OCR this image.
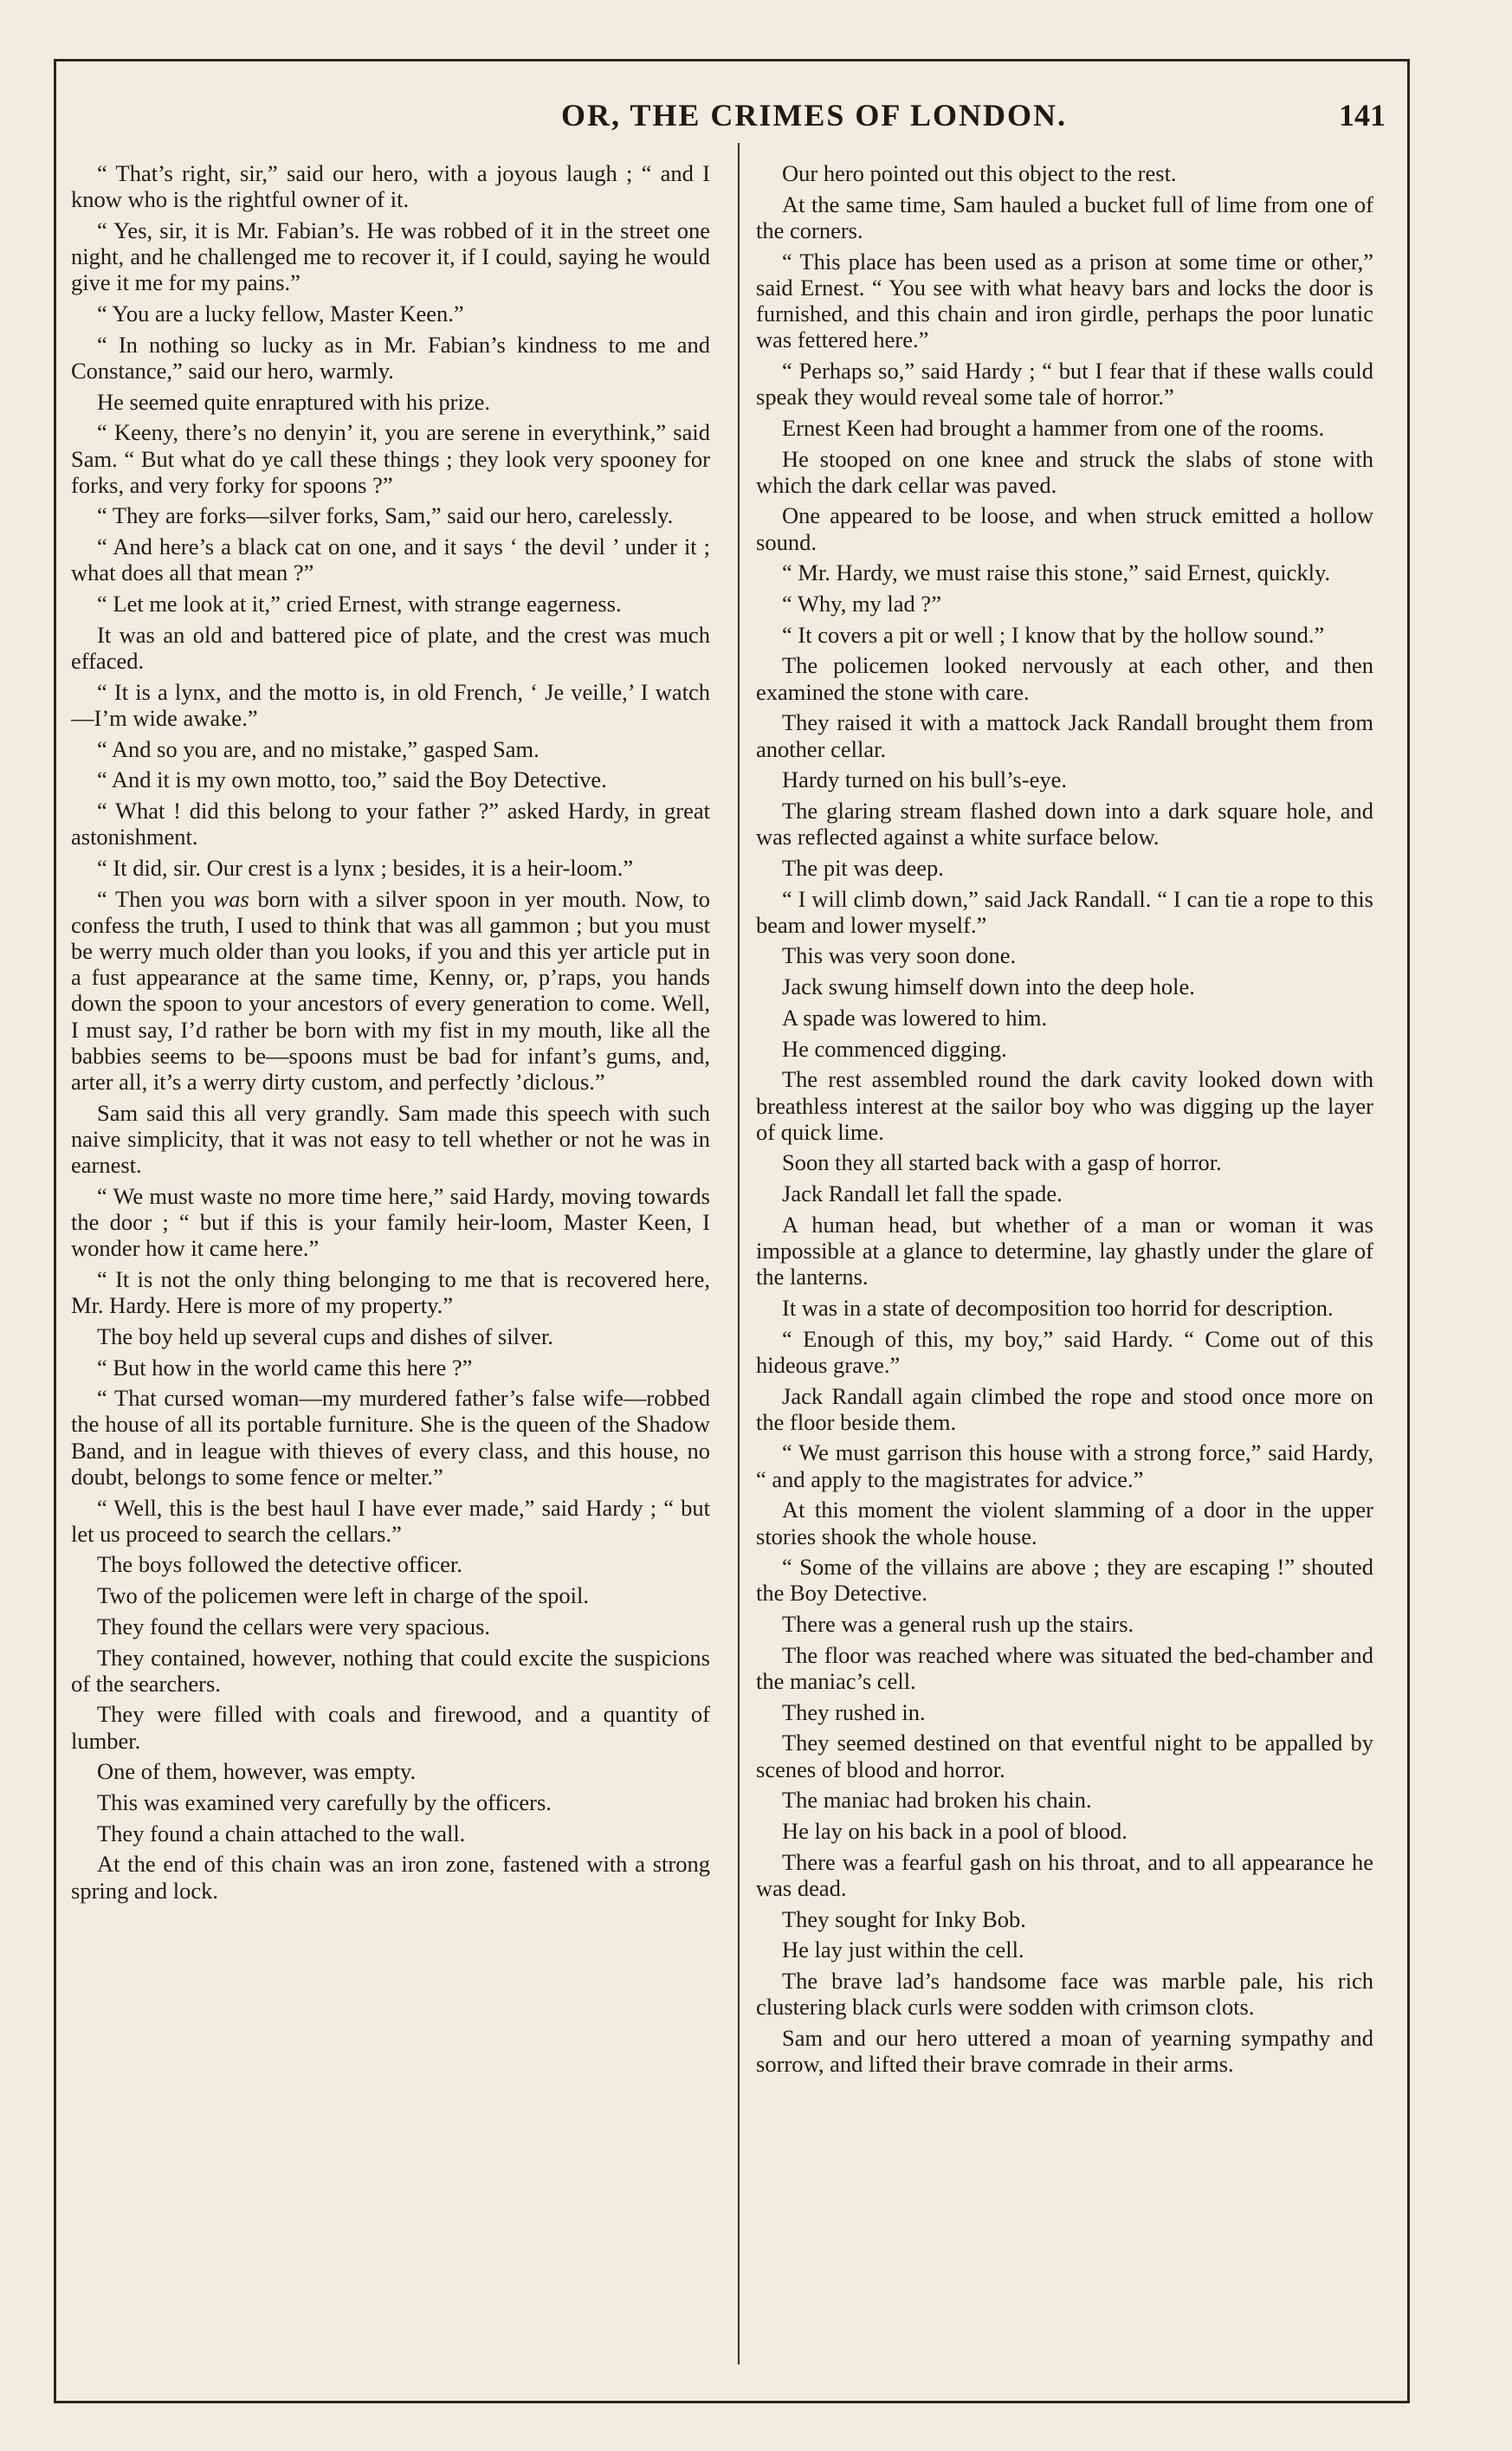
OR, THE CRIMES OF LONDON.	141

“ That’s right, sir,” said our hero, with a joyous laugh ; “ and I know who is the rightful owner of it.

“ Yes, sir, it is Mr. Fabian’s. He was robbed of it in the street one night, and he challenged me to recover it, if I could, saying he would give it me for my pains.”

“ You are a lucky fellow, Master Keen.”

“ In nothing so lucky as in Mr. Fabian’s kindness to me and Constance,” said our hero, warmly.

He seemed quite enraptured with his prize.

“ Keeny, there’s no denyin’ it, you are serene in everythink,” said Sam. “ But what do ye call these things ; they look very spooney for forks, and very forky for spoons ?”

“ They are forks—silver forks, Sam,” said our hero, carelessly.

“ And here’s a black cat on one, and it says ‘ the devil ’ under it ; what does all that mean ?”

“ Let me look at it,” cried Ernest, with strange eagerness.

It was an old and battered pice of plate, and the crest was much effaced.

“ It is a lynx, and the motto is, in old French, ‘ Je veille,’ I watch—I’m wide awake.”

“ And so you are, and no mistake,” gasped Sam.

“ And it is my own motto, too,” said the Boy Detective.

“ What ! did this belong to your father ?” asked Hardy, in great astonishment.

“ It did, sir. Our crest is a lynx ; besides, it is a heir-loom.”

“ Then you was born with a silver spoon in yer mouth. Now, to confess the truth, I used to think that was all gammon ; but you must be werry much older than you looks, if you and this yer article put in a fust appearance at the same time, Kenny, or, p’raps, you hands down the spoon to your ancestors of every generation to come. Well, I must say, I’d rather be born with my fist in my mouth, like all the babbies seems to be—spoons must be bad for infant’s gums, and, arter all, it’s a werry dirty custom, and perfectly ’diclous.”

Sam said this all very grandly. Sam made this speech with such naive simplicity, that it was not easy to tell whether or not he was in earnest.

“ We must waste no more time here,” said Hardy, moving towards the door ; “ but if this is your family heir-loom, Master Keen, I wonder how it came here.”

“ It is not the only thing belonging to me that is recovered here, Mr. Hardy. Here is more of my property.”

The boy held up several cups and dishes of silver.

“ But how in the world came this here ?”

“ That cursed woman—my murdered father’s false wife—robbed the house of all its portable furniture. She is the queen of the Shadow Band, and in league with thieves of every class, and this house, no doubt, belongs to some fence or melter.”

“ Well, this is the best haul I have ever made,” said Hardy ; “ but let us proceed to search the cellars.”

The boys followed the detective officer.

Two of the policemen were left in charge of the spoil.

They found the cellars were very spacious.

They contained, however, nothing that could excite the suspicions of the searchers.

They were filled with coals and firewood, and a quantity of lumber.

One of them, however, was empty.

This was examined very carefully by the officers.

They found a chain attached to the wall.

At the end of this chain was an iron zone, fastened with a strong spring and lock.

Our hero pointed out this object to the rest.

At the same time, Sam hauled a bucket full of lime from one of the corners.

“ This place has been used as a prison at some time or other,” said Ernest. “ You see with what heavy bars and locks the door is furnished, and this chain and iron girdle, perhaps the poor lunatic was fettered here.”

“ Perhaps so,” said Hardy ; “ but I fear that if these walls could speak they would reveal some tale of horror.”

Ernest Keen had brought a hammer from one of the rooms.

He stooped on one knee and struck the slabs of stone with which the dark cellar was paved.

One appeared to be loose, and when struck emitted a hollow sound.

“ Mr. Hardy, we must raise this stone,” said Ernest, quickly.

“ Why, my lad ?”

“ It covers a pit or well ; I know that by the hollow sound.”

The policemen looked nervously at each other, and then examined the stone with care.

They raised it with a mattock Jack Randall brought them from another cellar.

Hardy turned on his bull’s-eye.

The glaring stream flashed down into a dark square hole, and was reflected against a white surface below.

The pit was deep.

“ I will climb down,” said Jack Randall. “ I can tie a rope to this beam and lower myself.”

This was very soon done.

Jack swung himself down into the deep hole.

A spade was lowered to him.

He commenced digging.

The rest assembled round the dark cavity looked down with breathless interest at the sailor boy who was digging up the layer of quick lime.

Soon they all started back with a gasp of horror.

Jack Randall let fall the spade.

A human head, but whether of a man or woman it was impossible at a glance to determine, lay ghastly under the glare of the lanterns.

It was in a state of decomposition too horrid for description.

“ Enough of this, my boy,” said Hardy. “ Come out of this hideous grave.”

Jack Randall again climbed the rope and stood once more on the floor beside them.

“ We must garrison this house with a strong force,” said Hardy, “ and apply to the magistrates for advice.”

At this moment the violent slamming of a door in the upper stories shook the whole house.

“ Some of the villains are above ; they are escaping !” shouted the Boy Detective.

There was a general rush up the stairs.

The floor was reached where was situated the bed-chamber and the maniac’s cell.

They rushed in.

They seemed destined on that eventful night to be appalled by scenes of blood and horror.

The maniac had broken his chain.

He lay on his back in a pool of blood.

There was a fearful gash on his throat, and to all appearance he was dead.

They sought for Inky Bob.

He lay just within the cell.

The brave lad’s handsome face was marble pale, his rich clustering black curls were sodden with crimson clots.

Sam and our hero uttered a moan of yearning sympathy and sorrow, and lifted their brave comrade in their arms.
